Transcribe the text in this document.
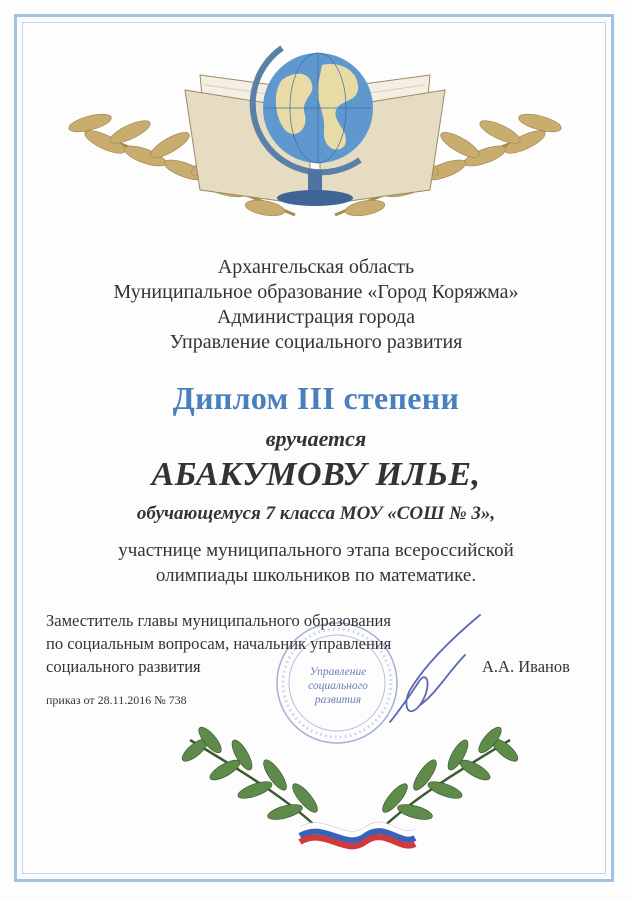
Архангельская область
Муниципальное образование «Город Коряжма»
Администрация города
Управление социального развития
Диплом III степени
вручается
АБАКУМОВУ ИЛЬЕ,
обучающемуся 7 класса МОУ «СОШ № 3»,
участнице муниципального этапа всероссийской
олимпиады школьников по математике.
Управление
социального
развития
Заместитель главы муниципального образования
по социальным вопросам, начальник управления
социального развития	А.А. Иванов
приказ от 28.11.2016 № 738
